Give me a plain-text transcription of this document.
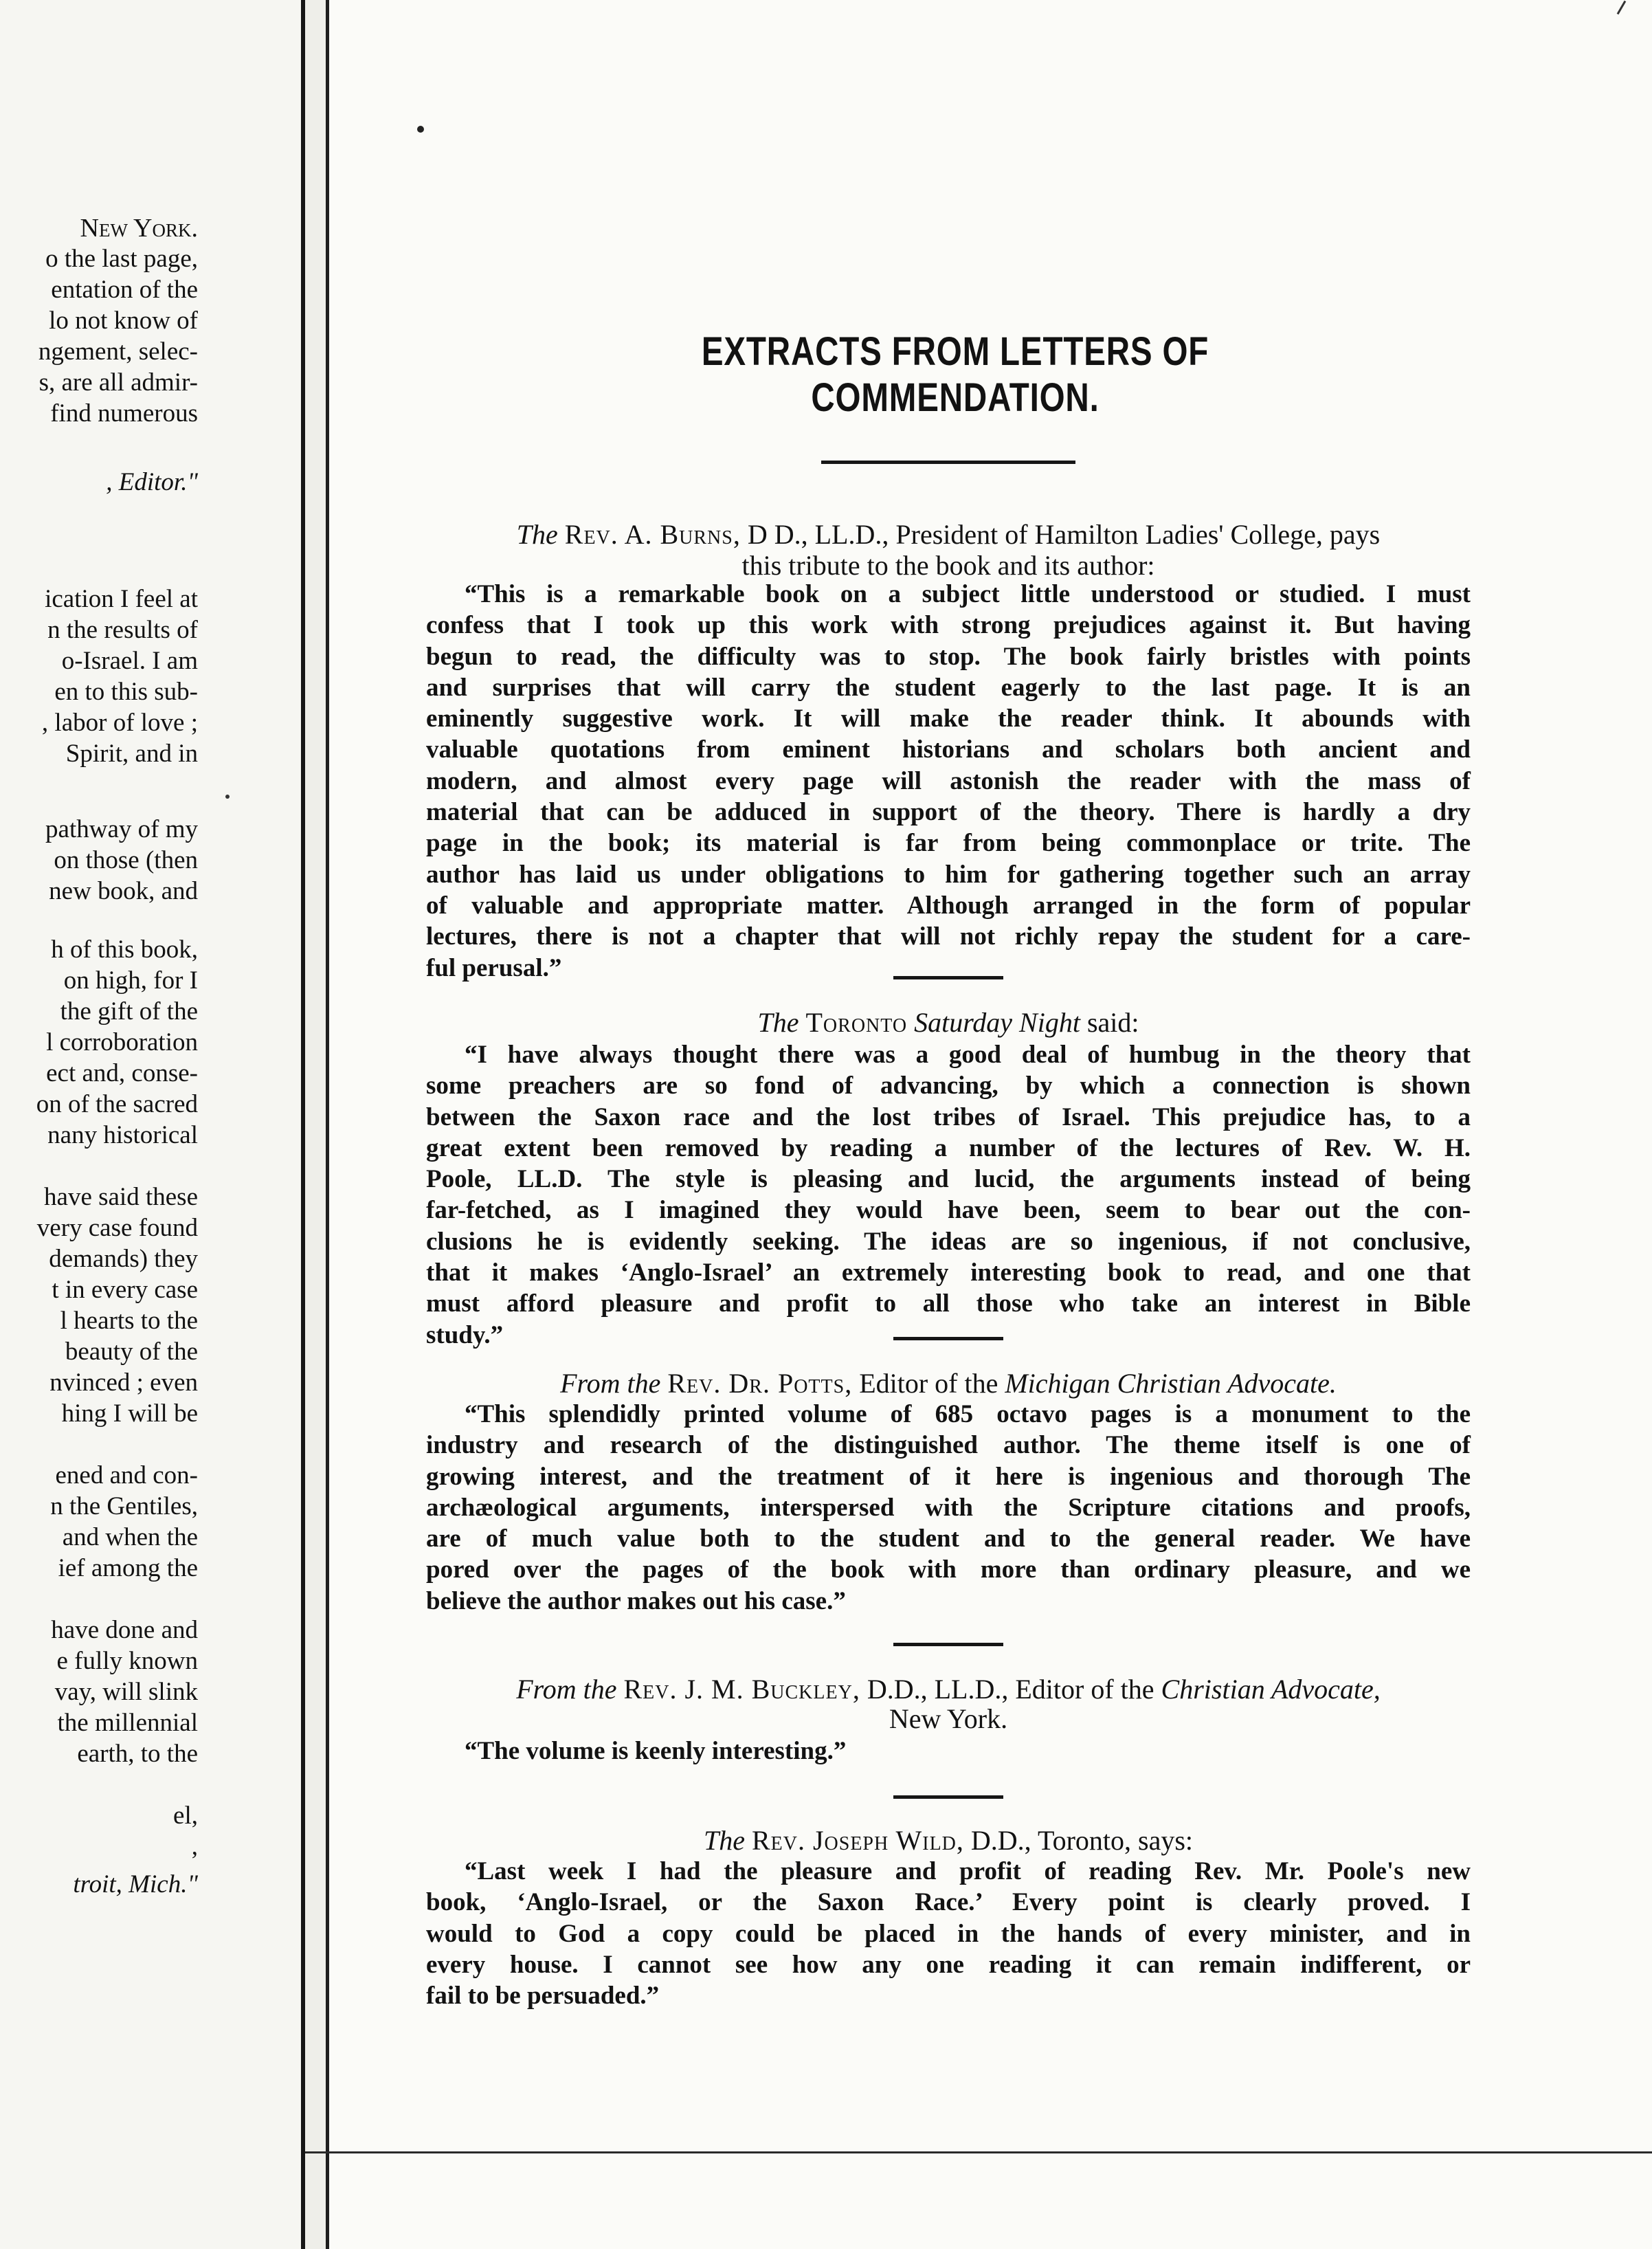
New York.
o the last page,
entation of the
lo not know of
ngement, selec-
s, are all admir-
find numerous
, Editor."
ication I feel at
n the results of
o-Israel. I am
en to this sub-
, labor of love ;
Spirit, and in
pathway of my
on those (then
new book, and
h of this book,
on high, for I
the gift of the
l corroboration
ect and, conse-
on of the sacred
nany historical
have said these
very case found
demands) they
t in every case
l hearts to the
beauty of the
nvinced ; even
hing I will be
ened and con-
n the Gentiles,
and when the
ief among the
have done and
e fully known
vay, will slink
the millennial
earth, to the
el,
,
troit, Mich."
EXTRACTS FROM LETTERS OF COMMENDATION.
The Rev. A. Burns, D D., LL.D., President of Hamilton Ladies' College, pays
this tribute to the book and its author:
“This is a remarkable book on a subject little understood or studied. I must
confess that I took up this work with strong prejudices against it. But having
begun to read, the difficulty was to stop. The book fairly bristles with points
and surprises that will carry the student eagerly to the last page. It is an
eminently suggestive work. It will make the reader think. It abounds with
valuable quotations from eminent historians and scholars both ancient and
modern, and almost every page will astonish the reader with the mass of
material that can be adduced in support of the theory. There is hardly a dry
page in the book; its material is far from being commonplace or trite. The
author has laid us under obligations to him for gathering together such an array
of valuable and appropriate matter. Although arranged in the form of popular
lectures, there is not a chapter that will not richly repay the student for a care-
ful perusal.”
The Toronto Saturday Night said:
“I have always thought there was a good deal of humbug in the theory that
some preachers are so fond of advancing, by which a connection is shown
between the Saxon race and the lost tribes of Israel. This prejudice has, to a
great extent been removed by reading a number of the lectures of Rev. W. H.
Poole, LL.D. The style is pleasing and lucid, the arguments instead of being
far-fetched, as I imagined they would have been, seem to bear out the con-
clusions he is evidently seeking. The ideas are so ingenious, if not conclusive,
that it makes ‘Anglo-Israel’ an extremely interesting book to read, and one that
must afford pleasure and profit to all those who take an interest in Bible
study.”
From the Rev. Dr. Potts, Editor of the Michigan Christian Advocate.
“This splendidly printed volume of 685 octavo pages is a monument to the
industry and research of the distinguished author. The theme itself is one of
growing interest, and the treatment of it here is ingenious and thorough The
archæological arguments, interspersed with the Scripture citations and proofs,
are of much value both to the student and to the general reader. We have
pored over the pages of the book with more than ordinary pleasure, and we
believe the author makes out his case.”
From the Rev. J. M. Buckley, D.D., LL.D., Editor of the Christian Advocate,
New York.
“The volume is keenly interesting.”
The Rev. Joseph Wild, D.D., Toronto, says:
“Last week I had the pleasure and profit of reading Rev. Mr. Poole's new
book, ‘Anglo-Israel, or the Saxon Race.’ Every point is clearly proved. I
would to God a copy could be placed in the hands of every minister, and in
every house. I cannot see how any one reading it can remain indifferent, or
fail to be persuaded.”
